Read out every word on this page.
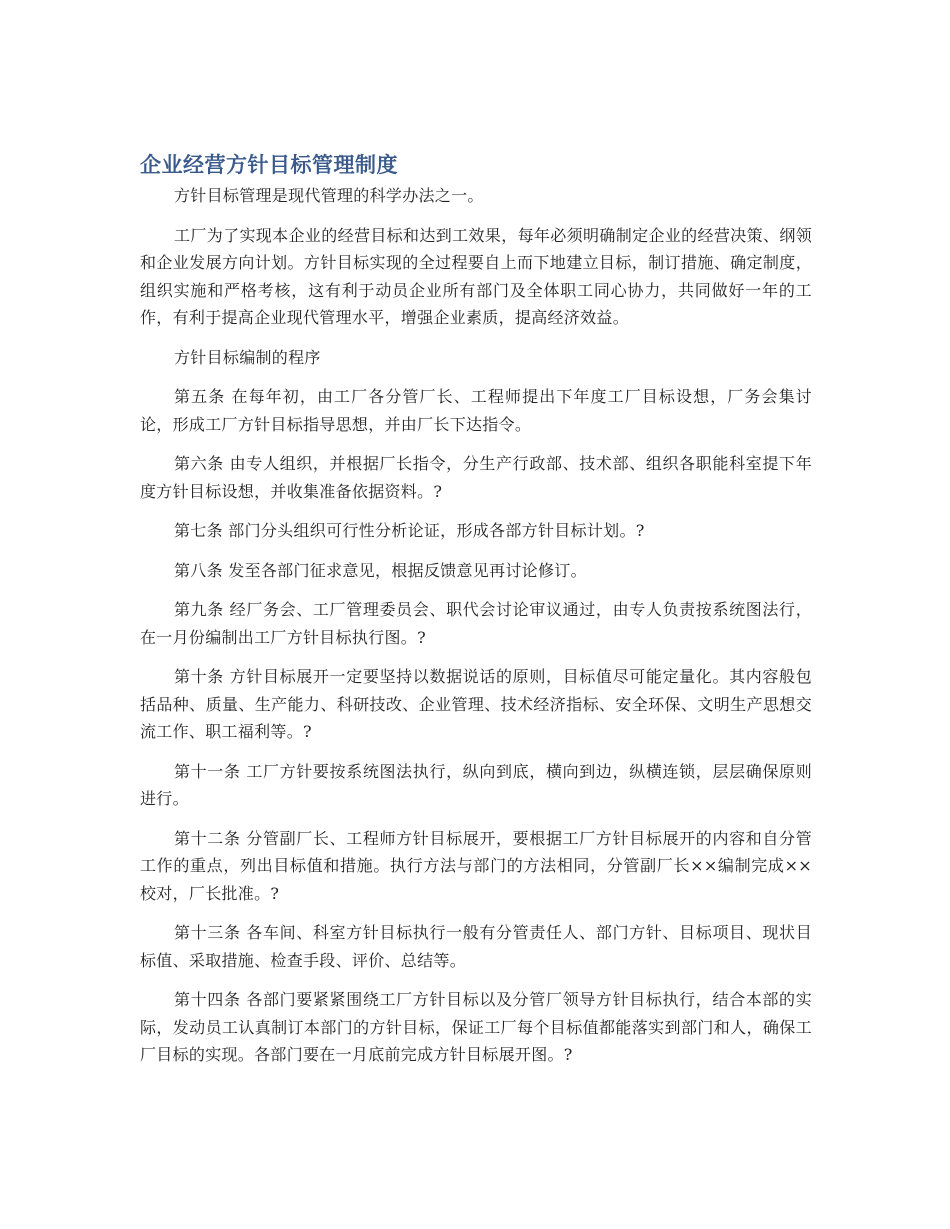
企业经营方针目标管理制度

方针目标管理是现代管理的科学办法之一。

工厂为了实现本企业的经营目标和达到工效果，每年必须明确制定企业的经营决策、纲领和企业发展方向计划。方针目标实现的全过程要自上而下地建立目标，制订措施、确定制度，组织实施和严格考核，这有利于动员企业所有部门及全体职工同心协力，共同做好一年的工作，有利于提高企业现代管理水平，增强企业素质，提高经济效益。

方针目标编制的程序

第五条 在每年初，由工厂各分管厂长、工程师提出下年度工厂目标设想，厂务会集讨论，形成工厂方针目标指导思想，并由厂长下达指令。

第六条 由专人组织，并根据厂长指令，分生产行政部、技术部、组织各职能科室提下年度方针目标设想，并收集准备依据资料。?

第七条 部门分头组织可行性分析论证，形成各部方针目标计划。?

第八条 发至各部门征求意见，根据反馈意见再讨论修订。

第九条 经厂务会、工厂管理委员会、职代会讨论审议通过，由专人负责按系统图法行，在一月份编制出工厂方针目标执行图。?

第十条 方针目标展开一定要坚持以数据说话的原则，目标值尽可能定量化。其内容般包括品种、质量、生产能力、科研技改、企业管理、技术经济指标、安全环保、文明生产思想交流工作、职工福利等。?

第十一条 工厂方针要按系统图法执行，纵向到底，横向到边，纵横连锁，层层确保原则进行。

第十二条 分管副厂长、工程师方针目标展开，要根据工厂方针目标展开的内容和自分管工作的重点，列出目标值和措施。执行方法与部门的方法相同，分管副厂长××编制完成××校对，厂长批准。?

第十三条 各车间、科室方针目标执行一般有分管责任人、部门方针、目标项目、现状目标值、采取措施、检查手段、评价、总结等。

第十四条 各部门要紧紧围绕工厂方针目标以及分管厂领导方针目标执行，结合本部的实际，发动员工认真制订本部门的方针目标，保证工厂每个目标值都能落实到部门和人，确保工厂目标的实现。各部门要在一月底前完成方针目标展开图。?
